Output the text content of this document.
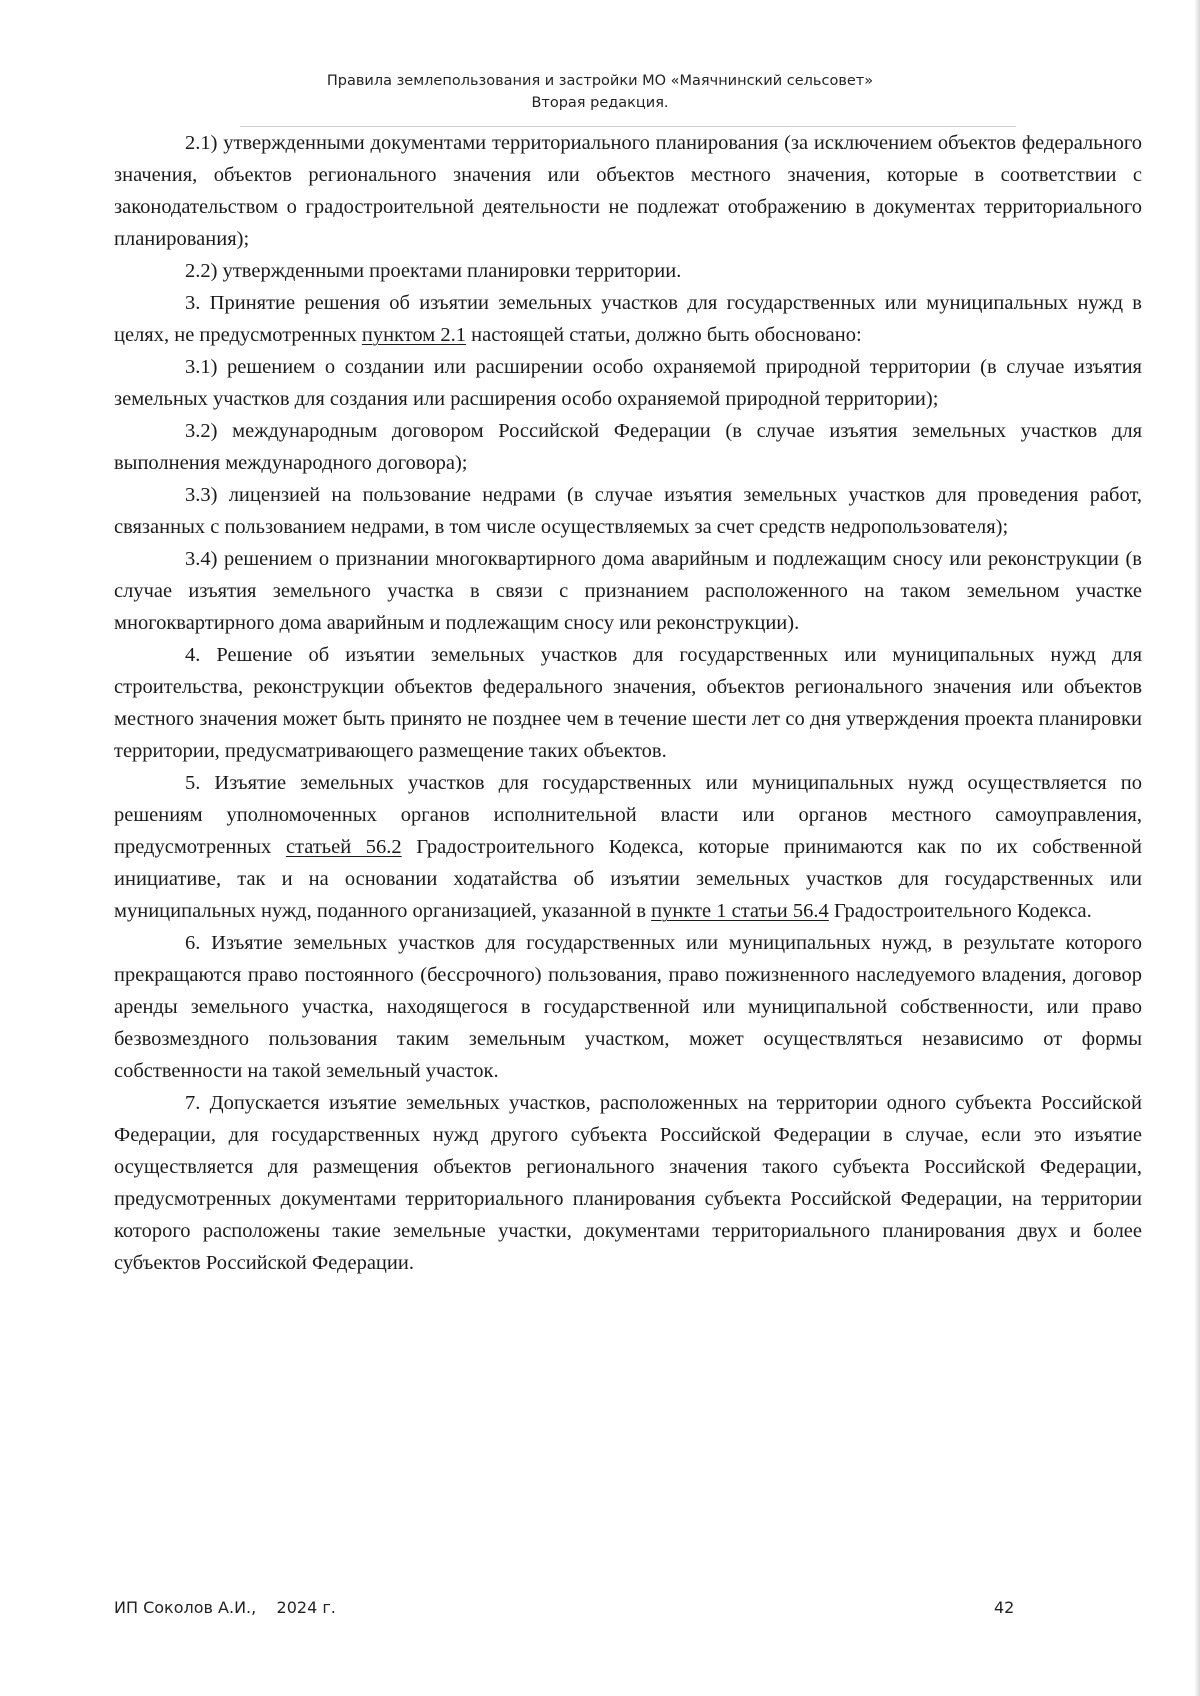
Правила землепользования и застройки МО «Маячнинский сельсовет»
Вторая редакция.

2.1) утвержденными документами территориального планирования (за исключением объектов федерального значения, объектов регионального значения или объектов местного значения, которые в соответствии с законодательством о градостроительной деятельности не подлежат отображению в документах территориального планирования);

2.2) утвержденными проектами планировки территории.

3. Принятие решения об изъятии земельных участков для государственных или муниципальных нужд в целях, не предусмотренных пунктом 2.1 настоящей статьи, должно быть обосновано:

3.1) решением о создании или расширении особо охраняемой природной территории (в случае изъятия земельных участков для создания или расширения особо охраняемой природной территории);

3.2) международным договором Российской Федерации (в случае изъятия земельных участков для выполнения международного договора);

3.3) лицензией на пользование недрами (в случае изъятия земельных участков для проведения работ, связанных с пользованием недрами, в том числе осуществляемых за счет средств недропользователя);

3.4) решением о признании многоквартирного дома аварийным и подлежащим сносу или реконструкции (в случае изъятия земельного участка в связи с признанием расположенного на таком земельном участке многоквартирного дома аварийным и подлежащим сносу или реконструкции).

4. Решение об изъятии земельных участков для государственных или муниципальных нужд для строительства, реконструкции объектов федерального значения, объектов регионального значения или объектов местного значения может быть принято не позднее чем в течение шести лет со дня утверждения проекта планировки территории, предусматривающего размещение таких объектов.

5. Изъятие земельных участков для государственных или муниципальных нужд осуществляется по решениям уполномоченных органов исполнительной власти или органов местного самоуправления, предусмотренных статьей 56.2 Градостроительного Кодекса, которые принимаются как по их собственной инициативе, так и на основании ходатайства об изъятии земельных участков для государственных или муниципальных нужд, поданного организацией, указанной в пункте 1 статьи 56.4 Градостроительного Кодекса.

6. Изъятие земельных участков для государственных или муниципальных нужд, в результате которого прекращаются право постоянного (бессрочного) пользования, право пожизненного наследуемого владения, договор аренды земельного участка, находящегося в государственной или муниципальной собственности, или право безвозмездного пользования таким земельным участком, может осуществляться независимо от формы собственности на такой земельный участок.

7. Допускается изъятие земельных участков, расположенных на территории одного субъекта Российской Федерации, для государственных нужд другого субъекта Российской Федерации в случае, если это изъятие осуществляется для размещения объектов регионального значения такого субъекта Российской Федерации, предусмотренных документами территориального планирования субъекта Российской Федерации, на территории которого расположены такие земельные участки, документами территориального планирования двух и более субъектов Российской Федерации.

ИП Соколов А.И.,    2024 г.	42
